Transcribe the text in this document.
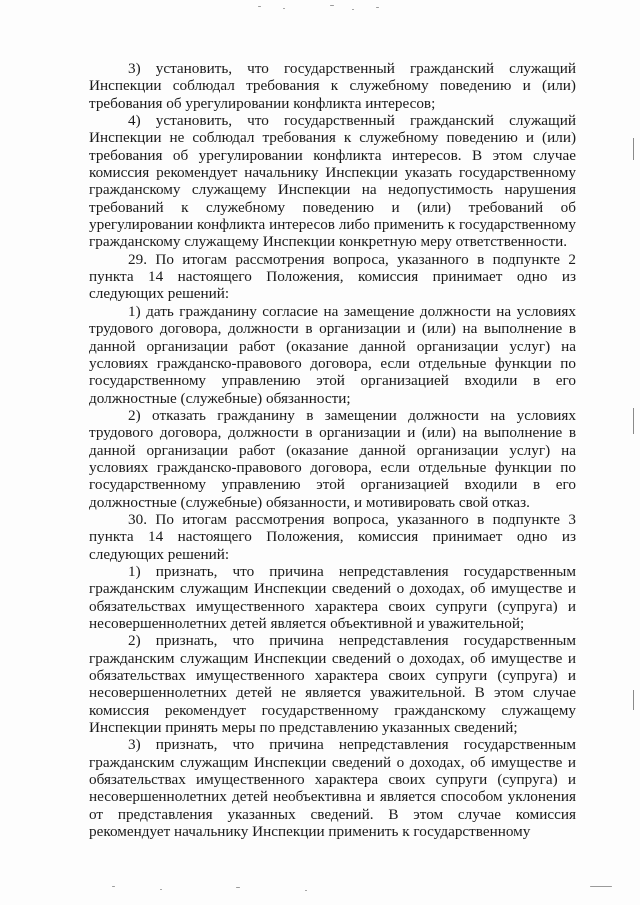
3) установить, что государственный гражданский служащий Инспекции соблюдал требования к служебному поведению и (или) требования об урегулировании конфликта интересов;

4) установить, что государственный гражданский служащий Инспекции не соблюдал требования к служебному поведению и (или) требования об урегулировании конфликта интересов. В этом случае комиссия рекомендует начальнику Инспекции указать государственному гражданскому служащему Инспекции на недопустимость нарушения требований к служебному поведению и (или) требований об урегулировании конфликта интересов либо применить к государственному гражданскому служащему Инспекции конкретную меру ответственности.

29. По итогам рассмотрения вопроса, указанного в подпункте 2 пункта 14 настоящего Положения, комиссия принимает одно из следующих решений:

1) дать гражданину согласие на замещение должности на условиях трудового договора, должности в организации и (или) на выполнение в данной организации работ (оказание данной организации услуг) на условиях гражданско-правового договора, если отдельные функции по государственному управлению этой организацией входили в его должностные (служебные) обязанности;

2) отказать гражданину в замещении должности на условиях трудового договора, должности в организации и (или) на выполнение в данной организации работ (оказание данной организации услуг) на условиях гражданско-правового договора, если отдельные функции по государственному управлению этой организацией входили в его должностные (служебные) обязанности, и мотивировать свой отказ.

30. По итогам рассмотрения вопроса, указанного в подпункте 3 пункта 14 настоящего Положения, комиссия принимает одно из следующих решений:

1) признать, что причина непредставления государственным гражданским служащим Инспекции сведений о доходах, об имуществе и обязательствах имущественного характера своих супруги (супруга) и несовершеннолетних детей является объективной и уважительной;

2) признать, что причина непредставления государственным гражданским служащим Инспекции сведений о доходах, об имуществе и обязательствах имущественного характера своих супруги (супруга) и несовершеннолетних детей не является уважительной. В этом случае комиссия рекомендует государственному гражданскому служащему Инспекции принять меры по представлению указанных сведений;

3) признать, что причина непредставления государственным гражданским служащим Инспекции сведений о доходах, об имуществе и обязательствах имущественного характера своих супруги (супруга) и несовершеннолетних детей необъективна и является способом уклонения от представления указанных сведений. В этом случае комиссия рекомендует начальнику Инспекции применить к государственному
